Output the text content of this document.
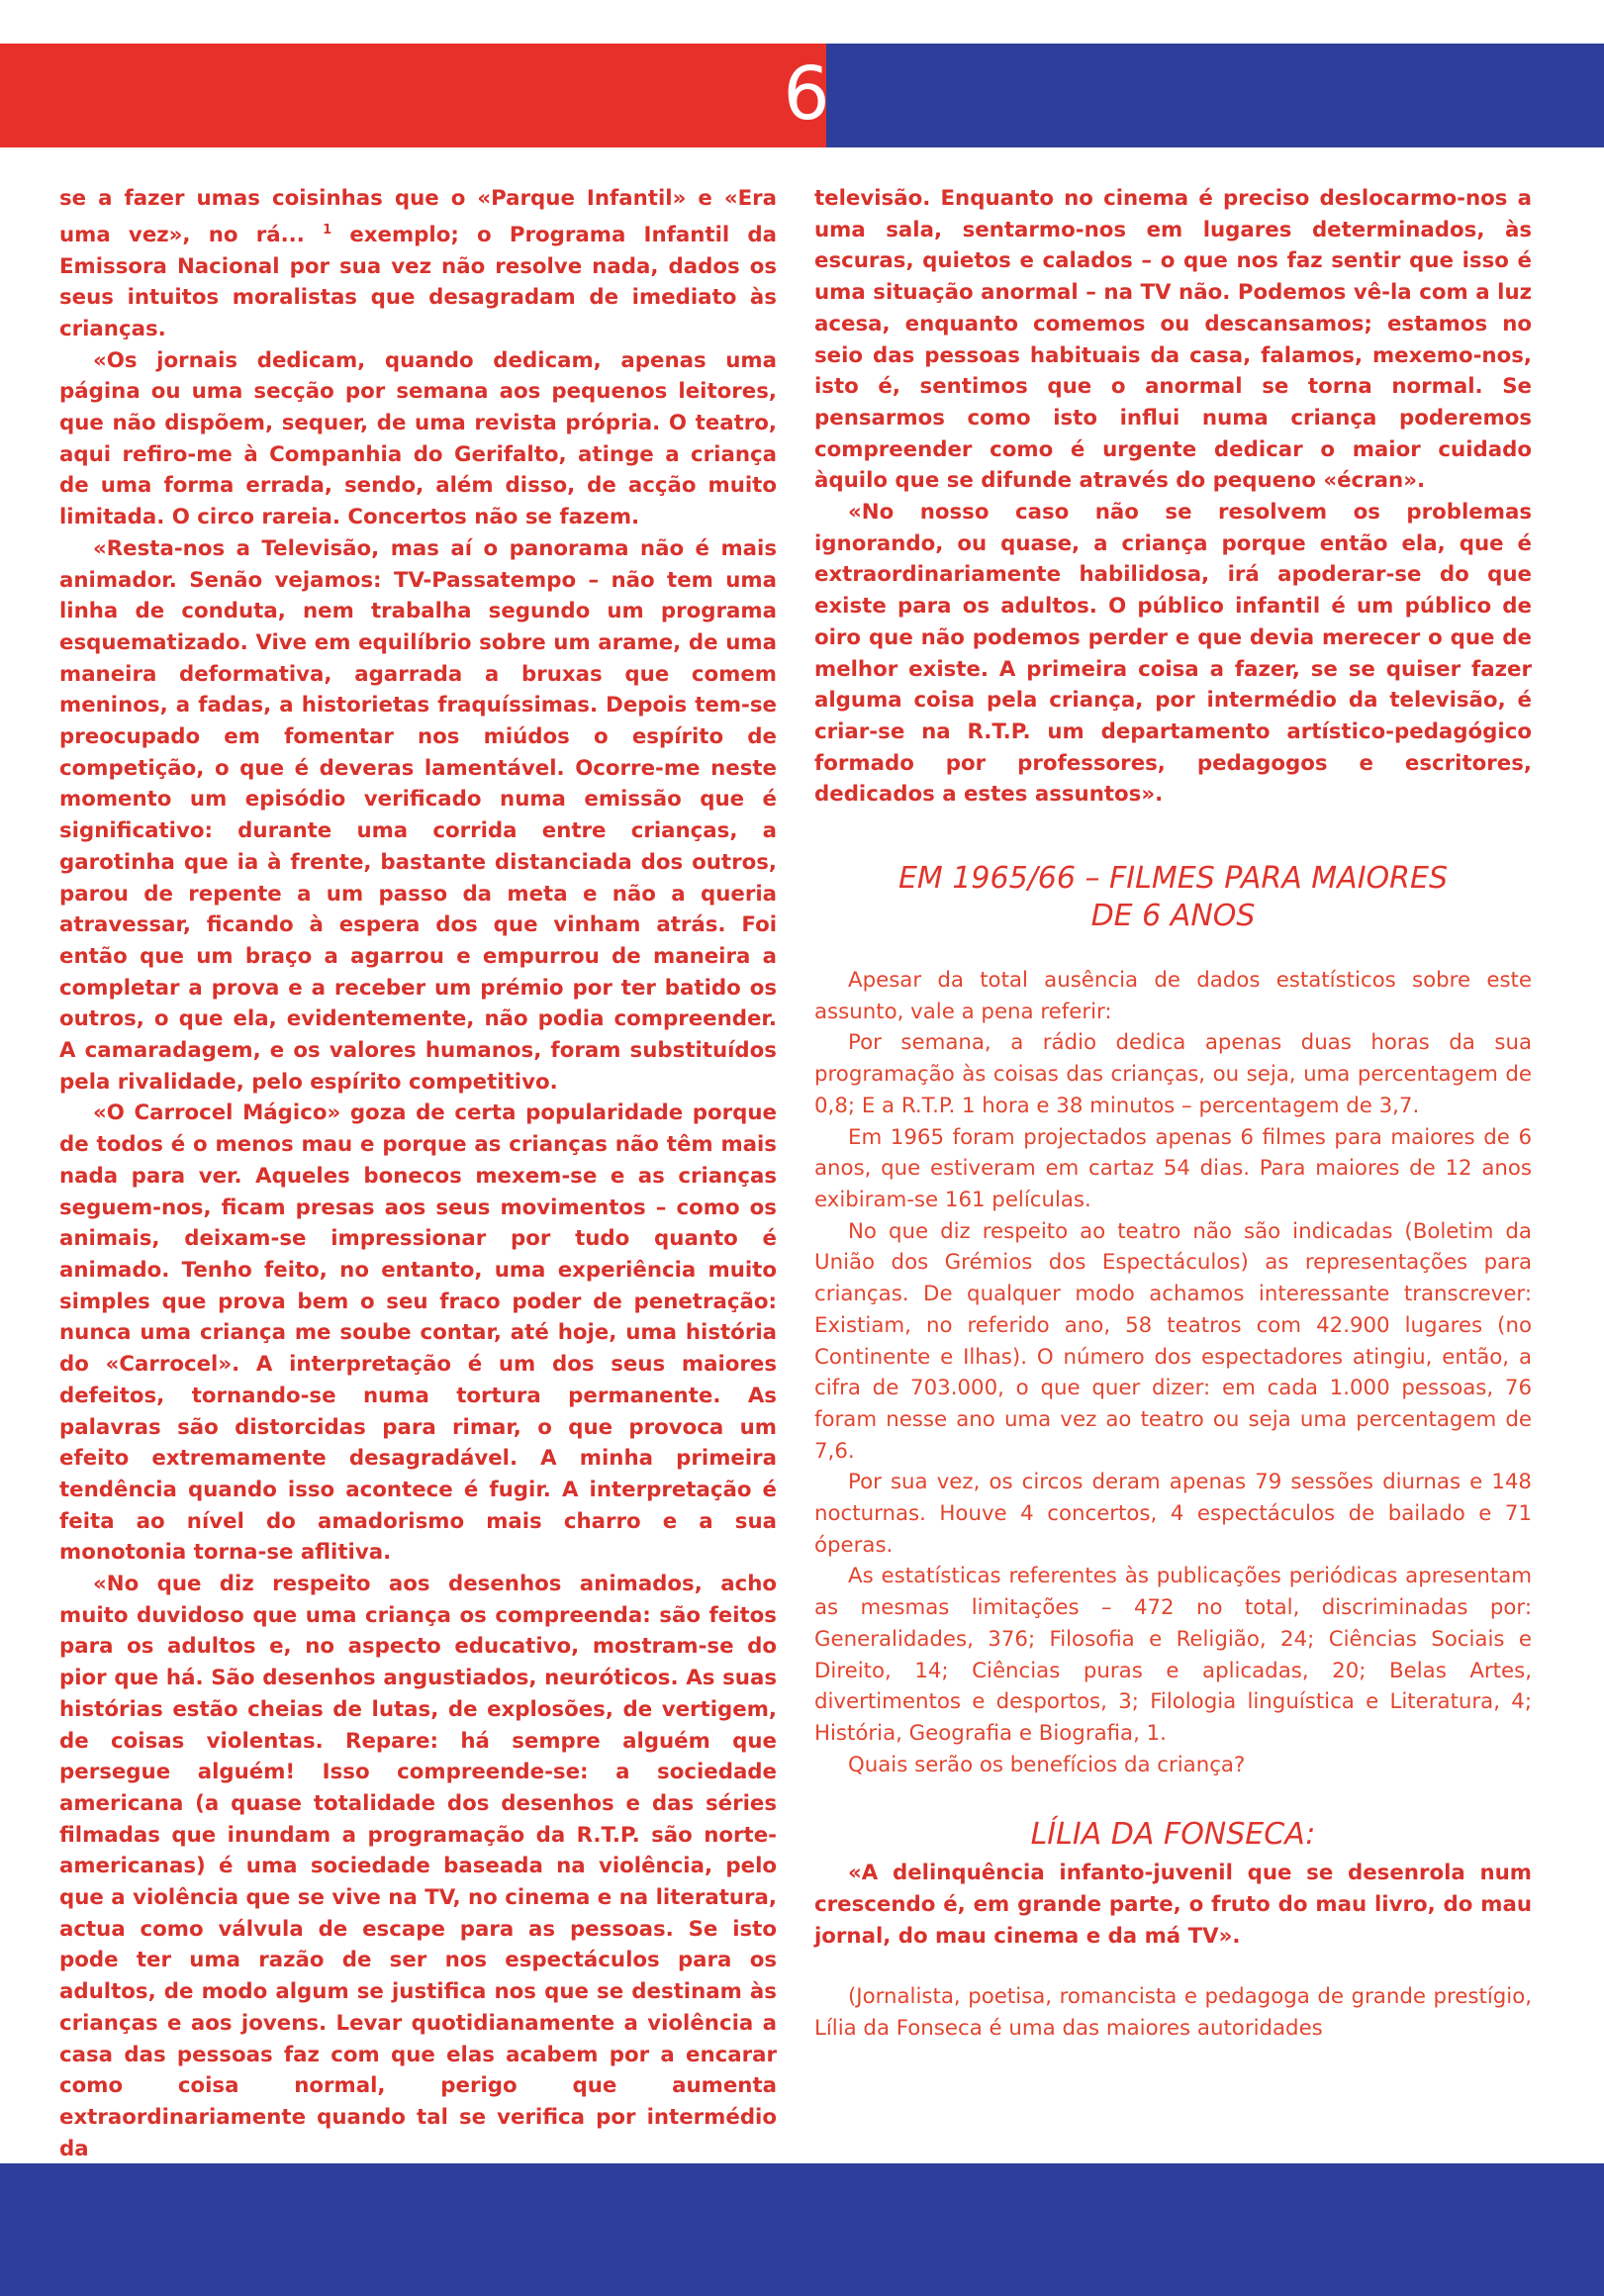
6

se a fazer umas coisinhas que o «Parque Infantil» e «Era uma vez», no rá... $^1$ exemplo; o Programa Infantil da Emissora Nacional por sua vez não resolve nada, dados os seus intuitos moralistas que desagradam de imediato às crianças.

«Os jornais dedicam, quando dedicam, apenas uma página ou uma secção por semana aos pequenos leitores, que não dispõem, sequer, de uma revista própria. O teatro, aqui refiro-me à Companhia do Gerifalto, atinge a criança de uma forma errada, sendo, além disso, de acção muito limitada. O circo rareia. Concertos não se fazem.

«Resta-nos a Televisão, mas aí o panorama não é mais animador. Senão vejamos: TV-Passatempo – não tem uma linha de conduta, nem trabalha segundo um programa esquematizado. Vive em equilíbrio sobre um arame, de uma maneira deformativa, agarrada a bruxas que comem meninos, a fadas, a historietas fraquíssimas. Depois tem-se preocupado em fomentar nos miúdos o espírito de competição, o que é deveras lamentável. Ocorre-me neste momento um episódio verificado numa emissão que é significativo: durante uma corrida entre crianças, a garotinha que ia à frente, bastante distanciada dos outros, parou de repente a um passo da meta e não a queria atravessar, ficando à espera dos que vinham atrás. Foi então que um braço a agarrou e empurrou de maneira a completar a prova e a receber um prémio por ter batido os outros, o que ela, evidentemente, não podia compreender. A camaradagem, e os valores humanos, foram substituídos pela rivalidade, pelo espírito competitivo.

«O Carrocel Mágico» goza de certa popularidade porque de todos é o menos mau e porque as crianças não têm mais nada para ver. Aqueles bonecos mexem-se e as crianças seguem-nos, ficam presas aos seus movimentos – como os animais, deixam-se impressionar por tudo quanto é animado. Tenho feito, no entanto, uma experiência muito simples que prova bem o seu fraco poder de penetração: nunca uma criança me soube contar, até hoje, uma história do «Carrocel». A interpretação é um dos seus maiores defeitos, tornando-se numa tortura permanente. As palavras são distorcidas para rimar, o que provoca um efeito extremamente desagradável. A minha primeira tendência quando isso acontece é fugir. A interpretação é feita ao nível do amadorismo mais charro e a sua monotonia torna-se aflitiva.

«No que diz respeito aos desenhos animados, acho muito duvidoso que uma criança os compreenda: são feitos para os adultos e, no aspecto educativo, mostram-se do pior que há. São desenhos angustiados, neuróticos. As suas histórias estão cheias de lutas, de explosões, de vertigem, de coisas violentas. Repare: há sempre alguém que persegue alguém! Isso compreende-se: a sociedade americana (a quase totalidade dos desenhos e das séries filmadas que inundam a programação da R.T.P. são norte-americanas) é uma sociedade baseada na violência, pelo que a violência que se vive na TV, no cinema e na literatura, actua como válvula de escape para as pessoas. Se isto pode ter uma razão de ser nos espectáculos para os adultos, de modo algum se justifica nos que se destinam às crianças e aos jovens. Levar quotidianamente a violência a casa das pessoas faz com que elas acabem por a encarar como coisa normal, perigo que aumenta extraordinariamente quando tal se verifica por intermédio da

televisão. Enquanto no cinema é preciso deslocarmo-nos a uma sala, sentarmo-nos em lugares determinados, às escuras, quietos e calados – o que nos faz sentir que isso é uma situação anormal – na TV não. Podemos vê-la com a luz acesa, enquanto comemos ou descansamos; estamos no seio das pessoas habituais da casa, falamos, mexemo-nos, isto é, sentimos que o anormal se torna normal. Se pensarmos como isto influi numa criança poderemos compreender como é urgente dedicar o maior cuidado àquilo que se difunde através do pequeno «écran».

«No nosso caso não se resolvem os problemas ignorando, ou quase, a criança porque então ela, que é extraordinariamente habilidosa, irá apoderar-se do que existe para os adultos. O público infantil é um público de oiro que não podemos perder e que devia merecer o que de melhor existe. A primeira coisa a fazer, se se quiser fazer alguma coisa pela criança, por intermédio da televisão, é criar-se na R.T.P. um departamento artístico-pedagógico formado por professores, pedagogos e escritores, dedicados a estes assuntos».

EM 1965/66 – FILMES PARA MAIORES
DE 6 ANOS

Apesar da total ausência de dados estatísticos sobre este assunto, vale a pena referir:

Por semana, a rádio dedica apenas duas horas da sua programação às coisas das crianças, ou seja, uma percentagem de 0,8; E a R.T.P. 1 hora e 38 minutos – percentagem de 3,7.

Em 1965 foram projectados apenas 6 filmes para maiores de 6 anos, que estiveram em cartaz 54 dias. Para maiores de 12 anos exibiram-se 161 películas.

No que diz respeito ao teatro não são indicadas (Boletim da União dos Grémios dos Espectáculos) as representações para crianças. De qualquer modo achamos interessante transcrever: Existiam, no referido ano, 58 teatros com 42.900 lugares (no Continente e Ilhas). O número dos espectadores atingiu, então, a cifra de 703.000, o que quer dizer: em cada 1.000 pessoas, 76 foram nesse ano uma vez ao teatro ou seja uma percentagem de 7,6.

Por sua vez, os circos deram apenas 79 sessões diurnas e 148 nocturnas. Houve 4 concertos, 4 espectáculos de bailado e 71 óperas.

As estatísticas referentes às publicações periódicas apresentam as mesmas limitações – 472 no total, discriminadas por: Generalidades, 376; Filosofia e Religião, 24; Ciências Sociais e Direito, 14; Ciências puras e aplicadas, 20; Belas Artes, divertimentos e desportos, 3; Filologia linguística e Literatura, 4; História, Geografia e Biografia, 1.

Quais serão os benefícios da criança?

LÍLIA DA FONSECA:

«A delinquência infanto-juvenil que se desenrola num crescendo é, em grande parte, o fruto do mau livro, do mau jornal, do mau cinema e da má TV».

(Jornalista, poetisa, romancista e pedagoga de grande prestígio, Lília da Fonseca é uma das maiores autoridades
